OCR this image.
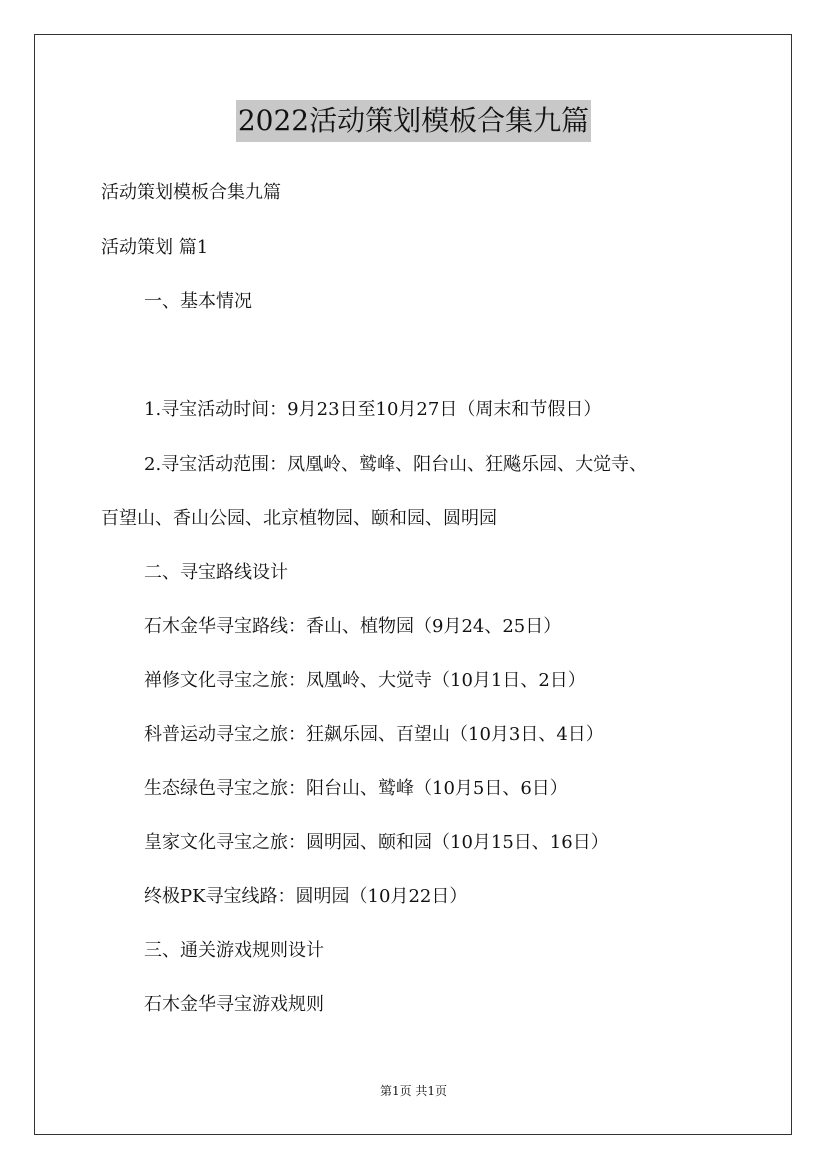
2022活动策划模板合集九篇
活动策划模板合集九篇
活动策划 篇1
一、基本情况
1.寻宝活动时间：9月23日至10月27日（周末和节假日）
2.寻宝活动范围：凤凰岭、鹫峰、阳台山、狂飚乐园、大觉寺、
百望山、香山公园、北京植物园、颐和园、圆明园
二、寻宝路线设计
石木金华寻宝路线：香山、植物园（9月24、25日）
禅修文化寻宝之旅：凤凰岭、大觉寺（10月1日、2日）
科普运动寻宝之旅：狂飙乐园、百望山（10月3日、4日）
生态绿色寻宝之旅：阳台山、鹫峰（10月5日、6日）
皇家文化寻宝之旅：圆明园、颐和园（10月15日、16日）
终极PK寻宝线路：圆明园（10月22日）
三、通关游戏规则设计
石木金华寻宝游戏规则
第1页 共1页
